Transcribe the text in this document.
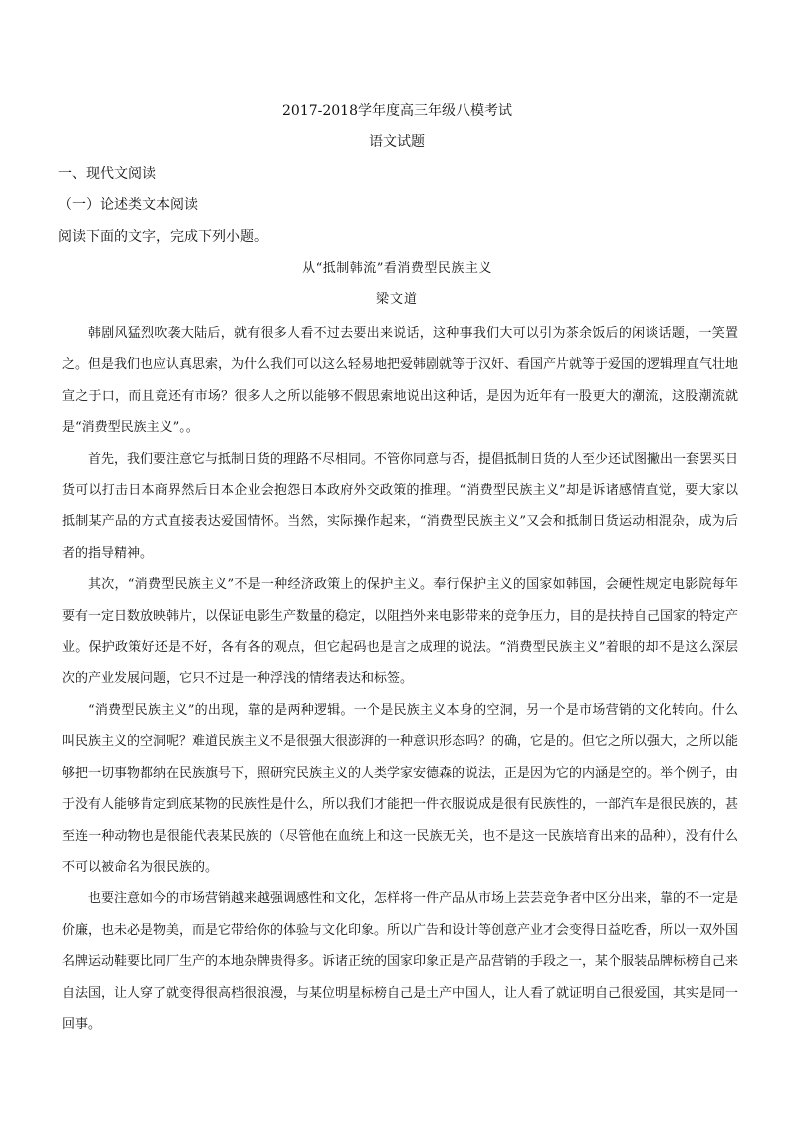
2017-2018学年度高三年级八模考试
语文试题
一、现代文阅读
（一）论述类文本阅读
阅读下面的文字，完成下列小题。
从“抵制韩流”看消费型民族主义
梁文道

韩剧风猛烈吹袭大陆后，就有很多人看不过去要出来说话，这种事我们大可以引为茶余饭后的闲谈话题，一笑置之。但是我们也应认真思索，为什么我们可以这么轻易地把爱韩剧就等于汉奸、看国产片就等于爱国的逻辑理直气壮地宣之于口，而且竟还有市场？很多人之所以能够不假思索地说出这种话，是因为近年有一股更大的潮流，这股潮流就是“消费型民族主义”。。

首先，我们要注意它与抵制日货的理路不尽相同。不管你同意与否，提倡抵制日货的人至少还试图撇出一套罢买日货可以打击日本商界然后日本企业会抱怨日本政府外交政策的推理。“消费型民族主义”却是诉诸感情直觉，要大家以抵制某产品的方式直接表达爱国情怀。当然，实际操作起来，“消费型民族主义”又会和抵制日货运动相混杂，成为后者的指导精神。

其次，“消费型民族主义”不是一种经济政策上的保护主义。奉行保护主义的国家如韩国，会硬性规定电影院每年要有一定日数放映韩片，以保证电影生产数量的稳定，以阻挡外来电影带来的竞争压力，目的是扶持自己国家的特定产业。保护政策好还是不好，各有各的观点，但它起码也是言之成理的说法。“消费型民族主义”着眼的却不是这么深层次的产业发展问题，它只不过是一种浮浅的情绪表达和标签。

“消费型民族主义”的出现，靠的是两种逻辑。一个是民族主义本身的空洞，另一个是市场营销的文化转向。什么叫民族主义的空洞呢？难道民族主义不是很强大很澎湃的一种意识形态吗？的确，它是的。但它之所以强大，之所以能够把一切事物都纳在民族旗号下，照研究民族主义的人类学家安德森的说法，正是因为它的内涵是空的。举个例子，由于没有人能够肯定到底某物的民族性是什么，所以我们才能把一件衣服说成是很有民族性的，一部汽车是很民族的，甚至连一种动物也是很能代表某民族的（尽管他在血统上和这一民族无关，也不是这一民族培育出来的品种），没有什么不可以被命名为很民族的。

也要注意如今的市场营销越来越强调感性和文化，怎样将一件产品从市场上芸芸竞争者中区分出来，靠的不一定是价廉，也未必是物美，而是它带给你的体验与文化印象。所以广告和设计等创意产业才会变得日益吃香，所以一双外国名牌运动鞋要比同厂生产的本地杂牌贵得多。诉诸正统的国家印象正是产品营销的手段之一，某个服装品牌标榜自己来自法国，让人穿了就变得很高档很浪漫，与某位明星标榜自己是土产中国人，让人看了就证明自己很爱国，其实是同一回事。
